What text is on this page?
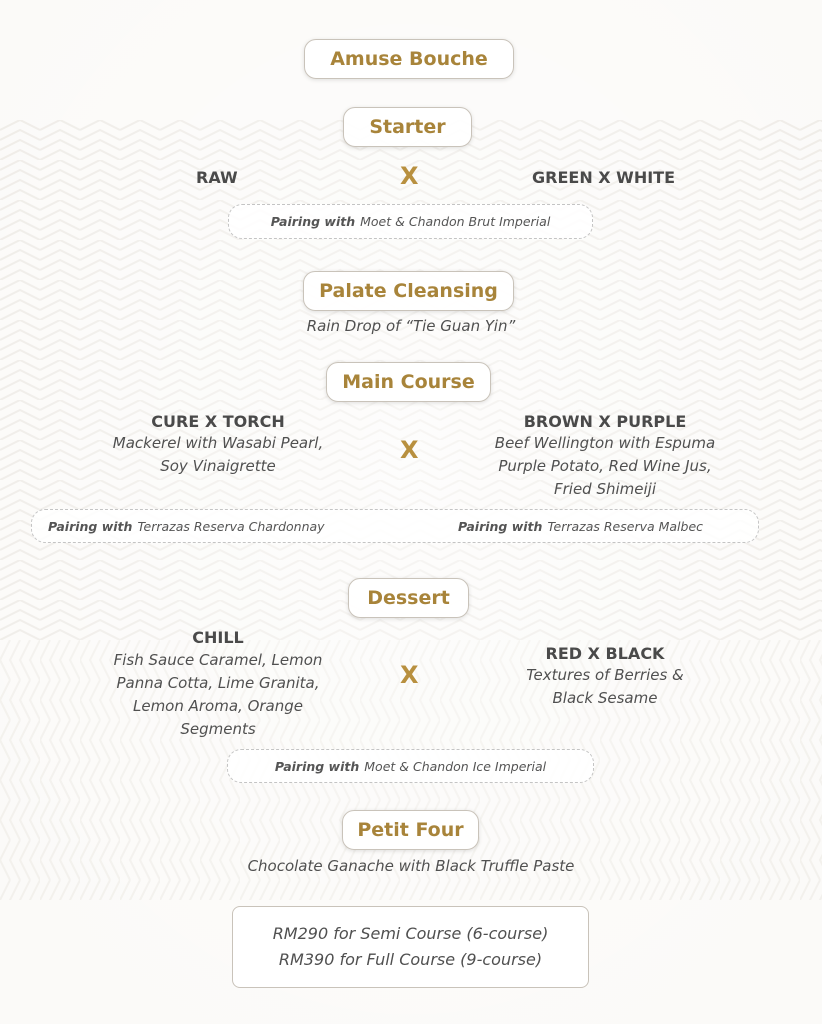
Amuse Bouche
Starter
RAW	X	GREEN X WHITE
Pairing with Moet & Chandon Brut Imperial
Palate Cleansing
Rain Drop of “Tie Guan Yin”
Main Course
CURE X TORCH
Mackerel with Wasabi Pearl,
Soy Vinaigrette
X
BROWN X PURPLE
Beef Wellington with Espuma
Purple Potato, Red Wine Jus,
Fried Shimeiji
Pairing with Terrazas Reserva Chardonnay	Pairing with Terrazas Reserva Malbec
Dessert
CHILL
Fish Sauce Caramel, Lemon
Panna Cotta, Lime Granita,
Lemon Aroma, Orange
Segments
X
RED X BLACK
Textures of Berries &
Black Sesame
Pairing with Moet & Chandon Ice Imperial
Petit Four
Chocolate Ganache with Black Truffle Paste
RM290 for Semi Course (6-course)
RM390 for Full Course (9-course)
